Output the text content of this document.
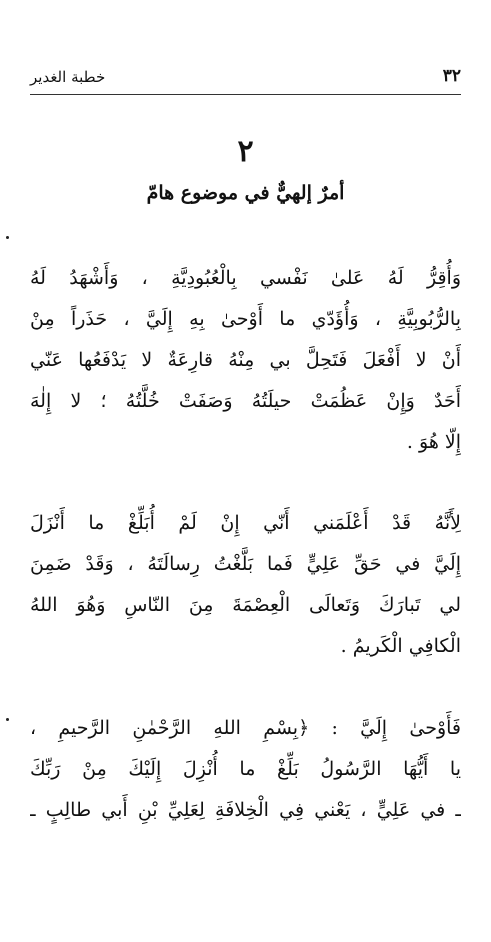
٣٢
خطبة الغدير
٢
أمرٌ إلهيٌّ في موضوع هامّ
وَأُقِرُّ لَهُ عَلىٰ نَفْسي بِالْعُبُودِيَّةِ ، وَأَشْهَدُ لَهُ
بِالرُّبُوبِيَّةِ ، وَأُؤَدّي ما أَوْحىٰ بِهِ إِلَيَّ ، حَذَراً مِنْ
أَنْ لا أَفْعَلَ فَتَحِلَّ بي مِنْهُ قارِعَةٌ لا يَدْفَعُها عَنّي
أَحَدٌ وَإِنْ عَظُمَتْ حيلَتُهُ وَصَفَتْ خُلَّتُهُ ؛ لا إِلٰهَ
إِلّا هُوَ .
لِأَنَّهُ قَدْ أَعْلَمَني أَنّي إِنْ لَمْ أُبَلِّغْ ما أَنْزَلَ
إِلَيَّ في حَقِّ عَلِيٍّ فَما بَلَّغْتُ رِسالَتَهُ ، وَقَدْ ضَمِنَ
لي تَبارَكَ وَتَعالَى الْعِصْمَةَ مِنَ النّاسِ وَهُوَ اللهُ
الْكافِي الْكَريمُ .
فَأَوْحىٰ إِلَيَّ : ﴿بِسْمِ اللهِ الرَّحْمٰنِ الرَّحيمِ ،
يا أَيُّهَا الرَّسُولُ بَلِّغْ ما أُنْزِلَ إِلَيْكَ مِنْ رَبِّكَ
ـ في عَلِيٍّ ، يَعْني فِي الْخِلافَةِ لِعَلِيِّ بْنِ أَبي طالِبٍ ـ
